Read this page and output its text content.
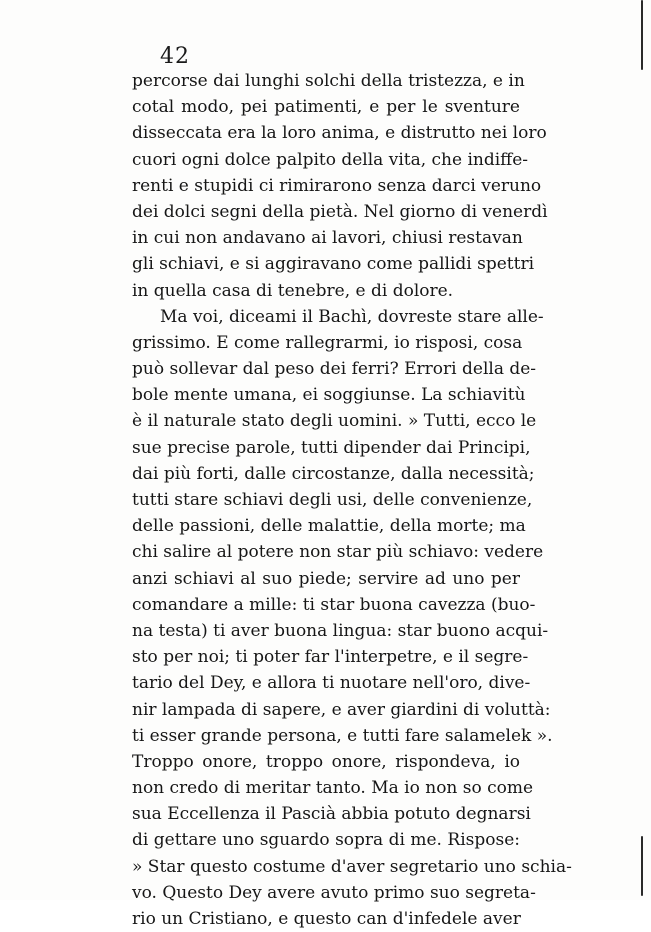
42
percorse dai lunghi solchi della tristezza, e in
cotal modo, pei patimenti, e per le sventure
disseccata era la loro anima, e distrutto nei loro
cuori ogni dolce palpito della vita, che indiffe-
renti e stupidi ci rimirarono senza darci veruno
dei dolci segni della pietà. Nel giorno di venerdì
in cui non andavano ai lavori, chiusi restavan
gli schiavi, e si aggiravano come pallidi spettri
in quella casa di tenebre, e di dolore.
Ma voi, diceami il Bachì, dovreste stare alle-
grissimo. E come rallegrarmi, io risposi, cosa
può sollevar dal peso dei ferri? Errori della de-
bole mente umana, ei soggiunse. La schiavitù
è il naturale stato degli uomini. » Tutti, ecco le
sue precise parole, tutti dipender dai Principi,
dai più forti, dalle circostanze, dalla necessità;
tutti stare schiavi degli usi, delle convenienze,
delle passioni, delle malattie, della morte; ma
chi salire al potere non star più schiavo: vedere
anzi schiavi al suo piede; servire ad uno per
comandare a mille: ti star buona cavezza (buo-
na testa) ti aver buona lingua: star buono acqui-
sto per noi; ti poter far l'interpetre, e il segre-
tario del Dey, e allora ti nuotare nell'oro, dive-
nir lampada di sapere, e aver giardini di voluttà:
ti esser grande persona, e tutti fare salamelek ».
Troppo onore, troppo onore, rispondeva, io
non credo di meritar tanto. Ma io non so come
sua Eccellenza il Pascià abbia potuto degnarsi
di gettare uno sguardo sopra di me. Rispose:
» Star questo costume d'aver segretario uno schia-
vo. Questo Dey avere avuto primo suo segreta-
rio un Cristiano, e questo can d'infedele aver
